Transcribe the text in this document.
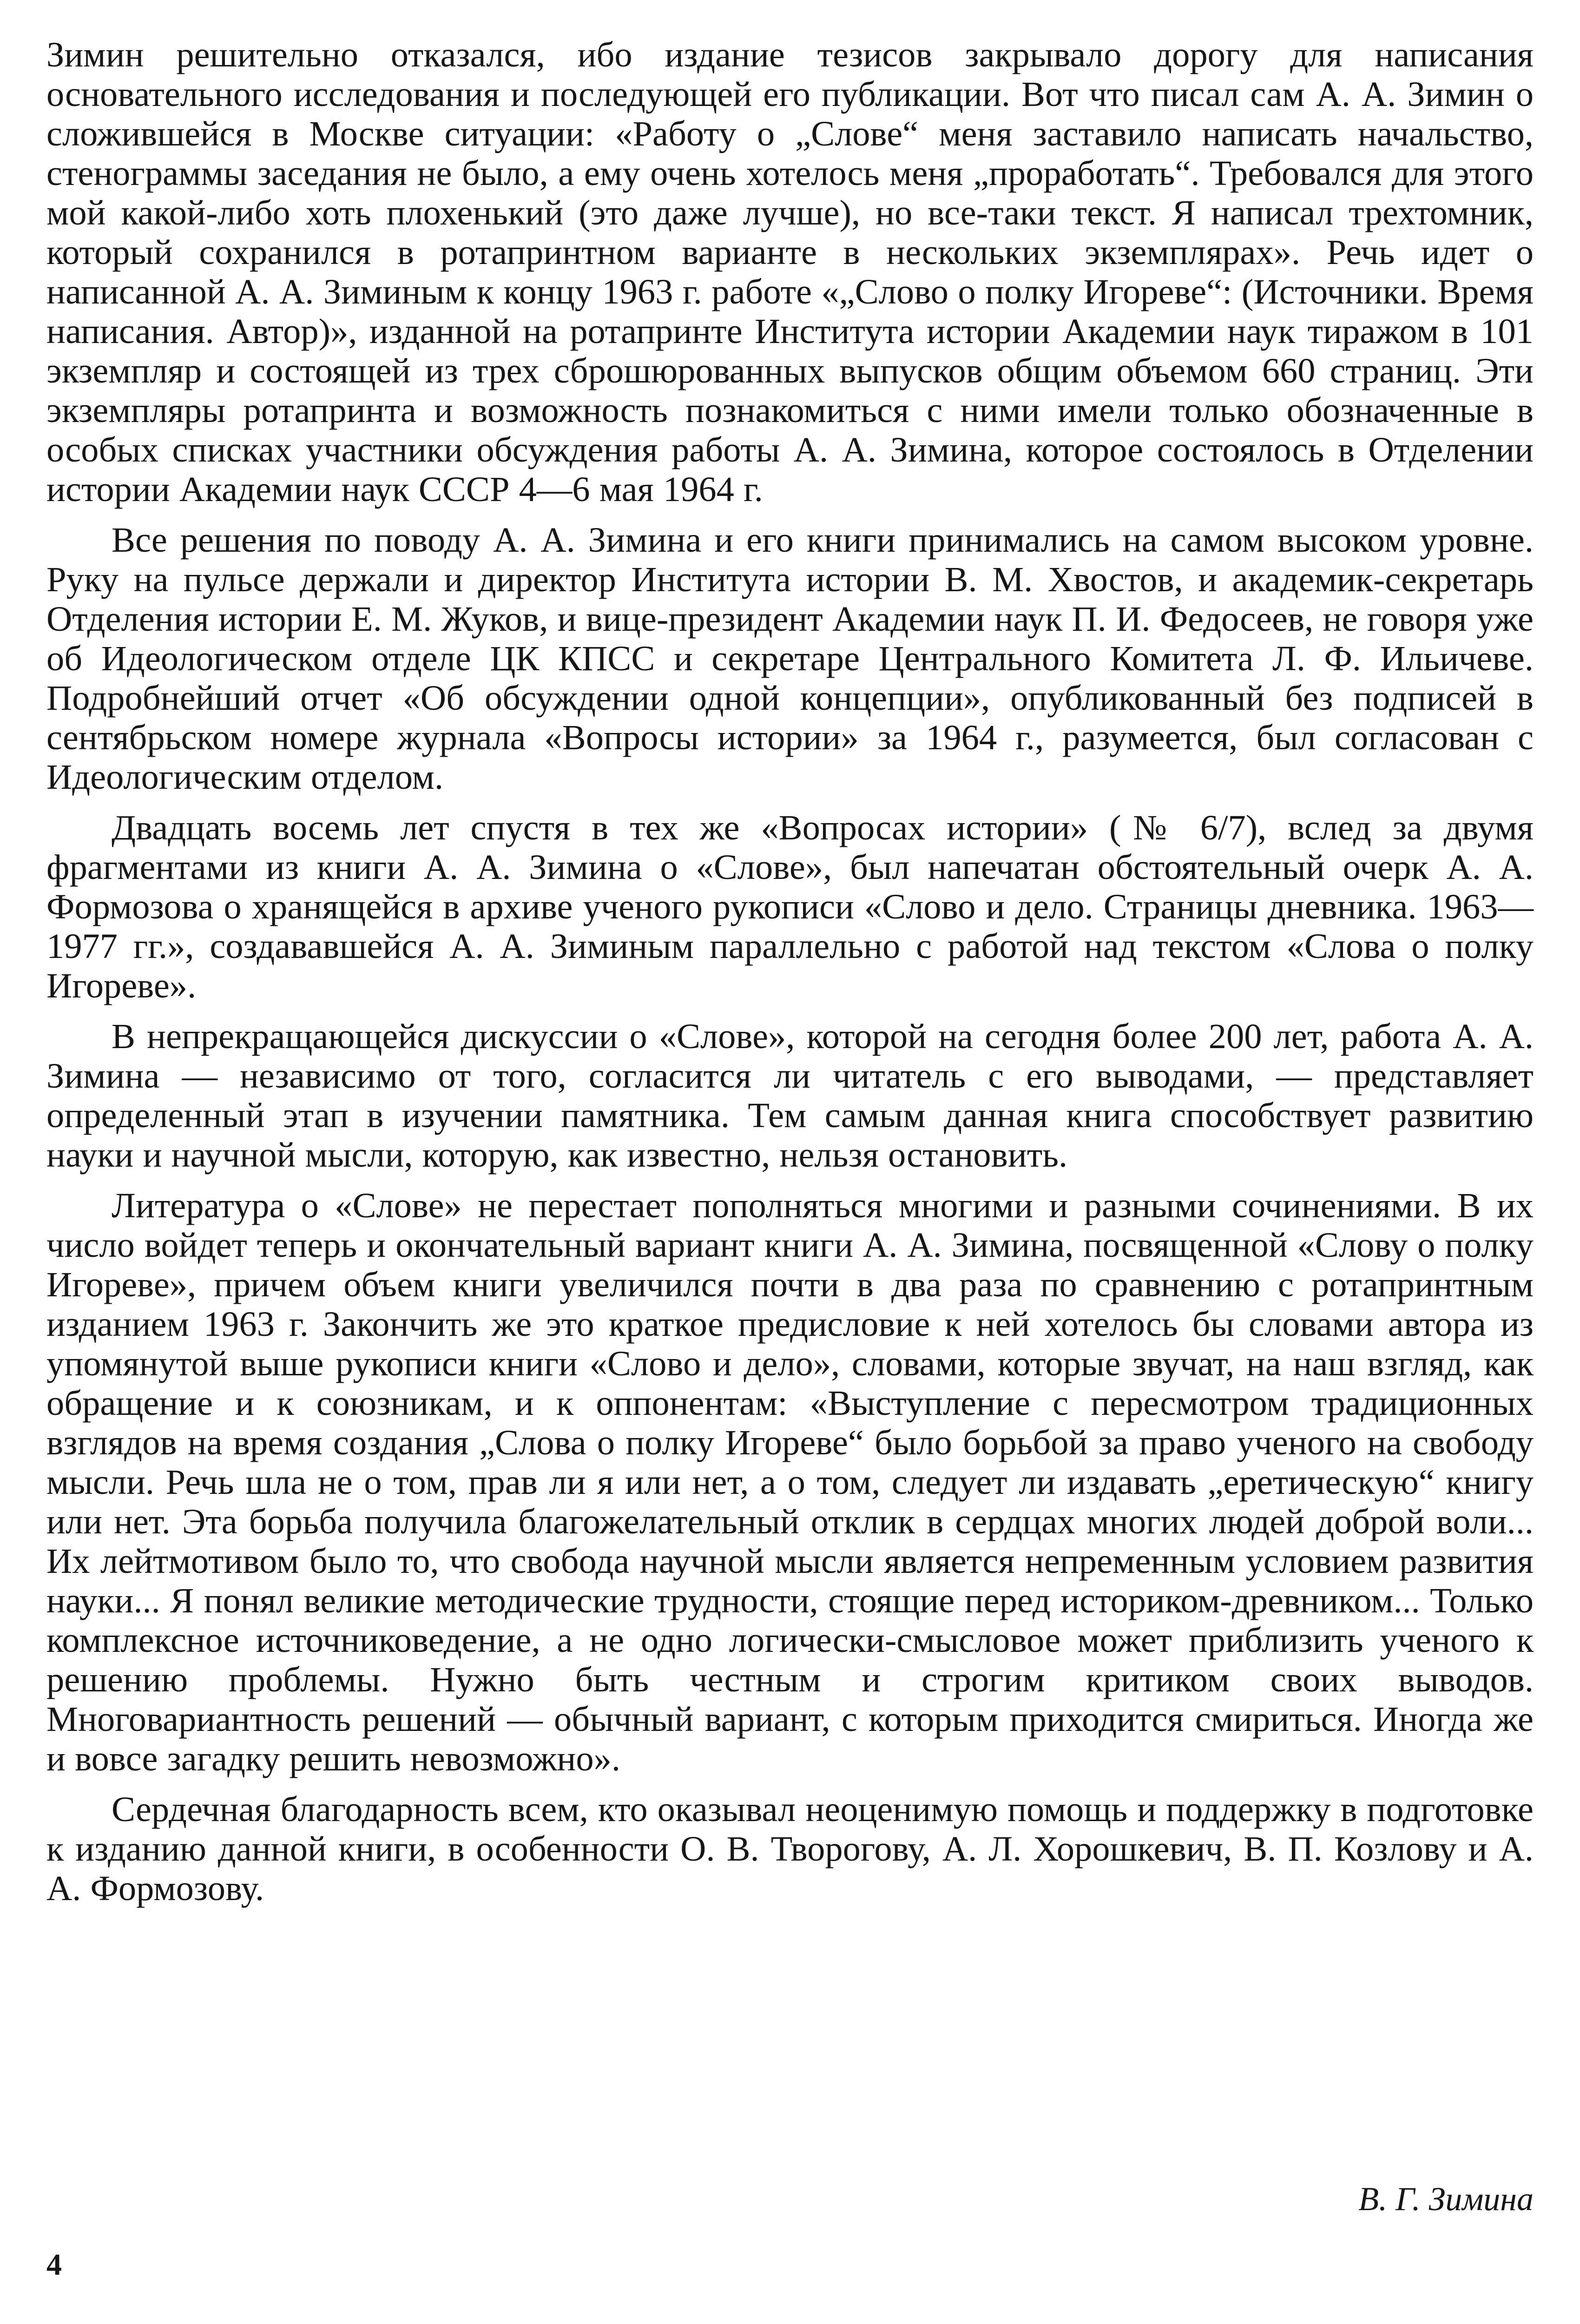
Зимин решительно отказался, ибо издание тезисов закрывало дорогу для написания основательного исследования и последующей его публикации. Вот что писал сам А. А. Зимин о сложившейся в Москве ситуации: «Работу о „Слове“ меня заставило написать начальство, стенограммы заседания не было, а ему очень хотелось меня „проработать“. Требовался для этого мой какой-либо хоть плохенький (это даже лучше), но все-таки текст. Я написал трехтомник, который сохранился в ротапринтном варианте в нескольких экземплярах». Речь идет о написанной А. А. Зиминым к концу 1963 г. работе «„Слово о полку Игореве“: (Источники. Время написания. Автор)», изданной на ротапринте Института истории Академии наук тиражом в 101 экземпляр и состоящей из трех сброшюрованных выпусков общим объемом 660 страниц. Эти экземпляры ротапринта и возможность познакомиться с ними имели только обозначенные в особых списках участники обсуждения работы А. А. Зимина, которое состоялось в Отделении истории Академии наук СССР 4—6 мая 1964 г.

Все решения по поводу А. А. Зимина и его книги принимались на самом высоком уровне. Руку на пульсе держали и директор Института истории В. М. Хвостов, и академик-секретарь Отделения истории Е. М. Жуков, и вице-президент Академии наук П. И. Федосеев, не говоря уже об Идеологическом отделе ЦК КПСС и секретаре Центрального Комитета Л. Ф. Ильичеве. Подробнейший отчет «Об обсуждении одной концепции», опубликованный без подписей в сентябрьском номере журнала «Вопросы истории» за 1964 г., разумеется, был согласован с Идеологическим отделом.

Двадцать восемь лет спустя в тех же «Вопросах истории» (№ 6/7), вслед за двумя фрагментами из книги А. А. Зимина о «Слове», был напечатан обстоятельный очерк А. А. Формозова о хранящейся в архиве ученого рукописи «Слово и дело. Страницы дневника. 1963—1977 гг.», создававшейся А. А. Зиминым параллельно с работой над текстом «Слова о полку Игореве».

В непрекращающейся дискуссии о «Слове», которой на сегодня более 200 лет, работа А. А. Зимина — независимо от того, согласится ли читатель с его выводами, — представляет определенный этап в изучении памятника. Тем самым данная книга способствует развитию науки и научной мысли, которую, как известно, нельзя остановить.

Литература о «Слове» не перестает пополняться многими и разными сочинениями. В их число войдет теперь и окончательный вариант книги А. А. Зимина, посвященной «Слову о полку Игореве», причем объем книги увеличился почти в два раза по сравнению с ротапринтным изданием 1963 г. Закончить же это краткое предисловие к ней хотелось бы словами автора из упомянутой выше рукописи книги «Слово и дело», словами, которые звучат, на наш взгляд, как обращение и к союзникам, и к оппонентам: «Выступление с пересмотром традиционных взглядов на время создания „Слова о полку Игореве“ было борьбой за право ученого на свободу мысли. Речь шла не о том, прав ли я или нет, а о том, следует ли издавать „еретическую“ книгу или нет. Эта борьба получила благожелательный отклик в сердцах многих людей доброй воли... Их лейтмотивом было то, что свобода научной мысли является непременным условием развития науки... Я понял великие методические трудности, стоящие перед историком-древником... Только комплексное источниковедение, а не одно логически-смысловое может приблизить ученого к решению проблемы. Нужно быть честным и строгим критиком своих выводов. Многовариантность решений — обычный вариант, с которым приходится смириться. Иногда же и вовсе загадку решить невозможно».

Сердечная благодарность всем, кто оказывал неоценимую помощь и поддержку в подготовке к изданию данной книги, в особенности О. В. Творогову, А. Л. Хорошкевич, В. П. Козлову и А. А. Формозову.

В. Г. Зимина

4
